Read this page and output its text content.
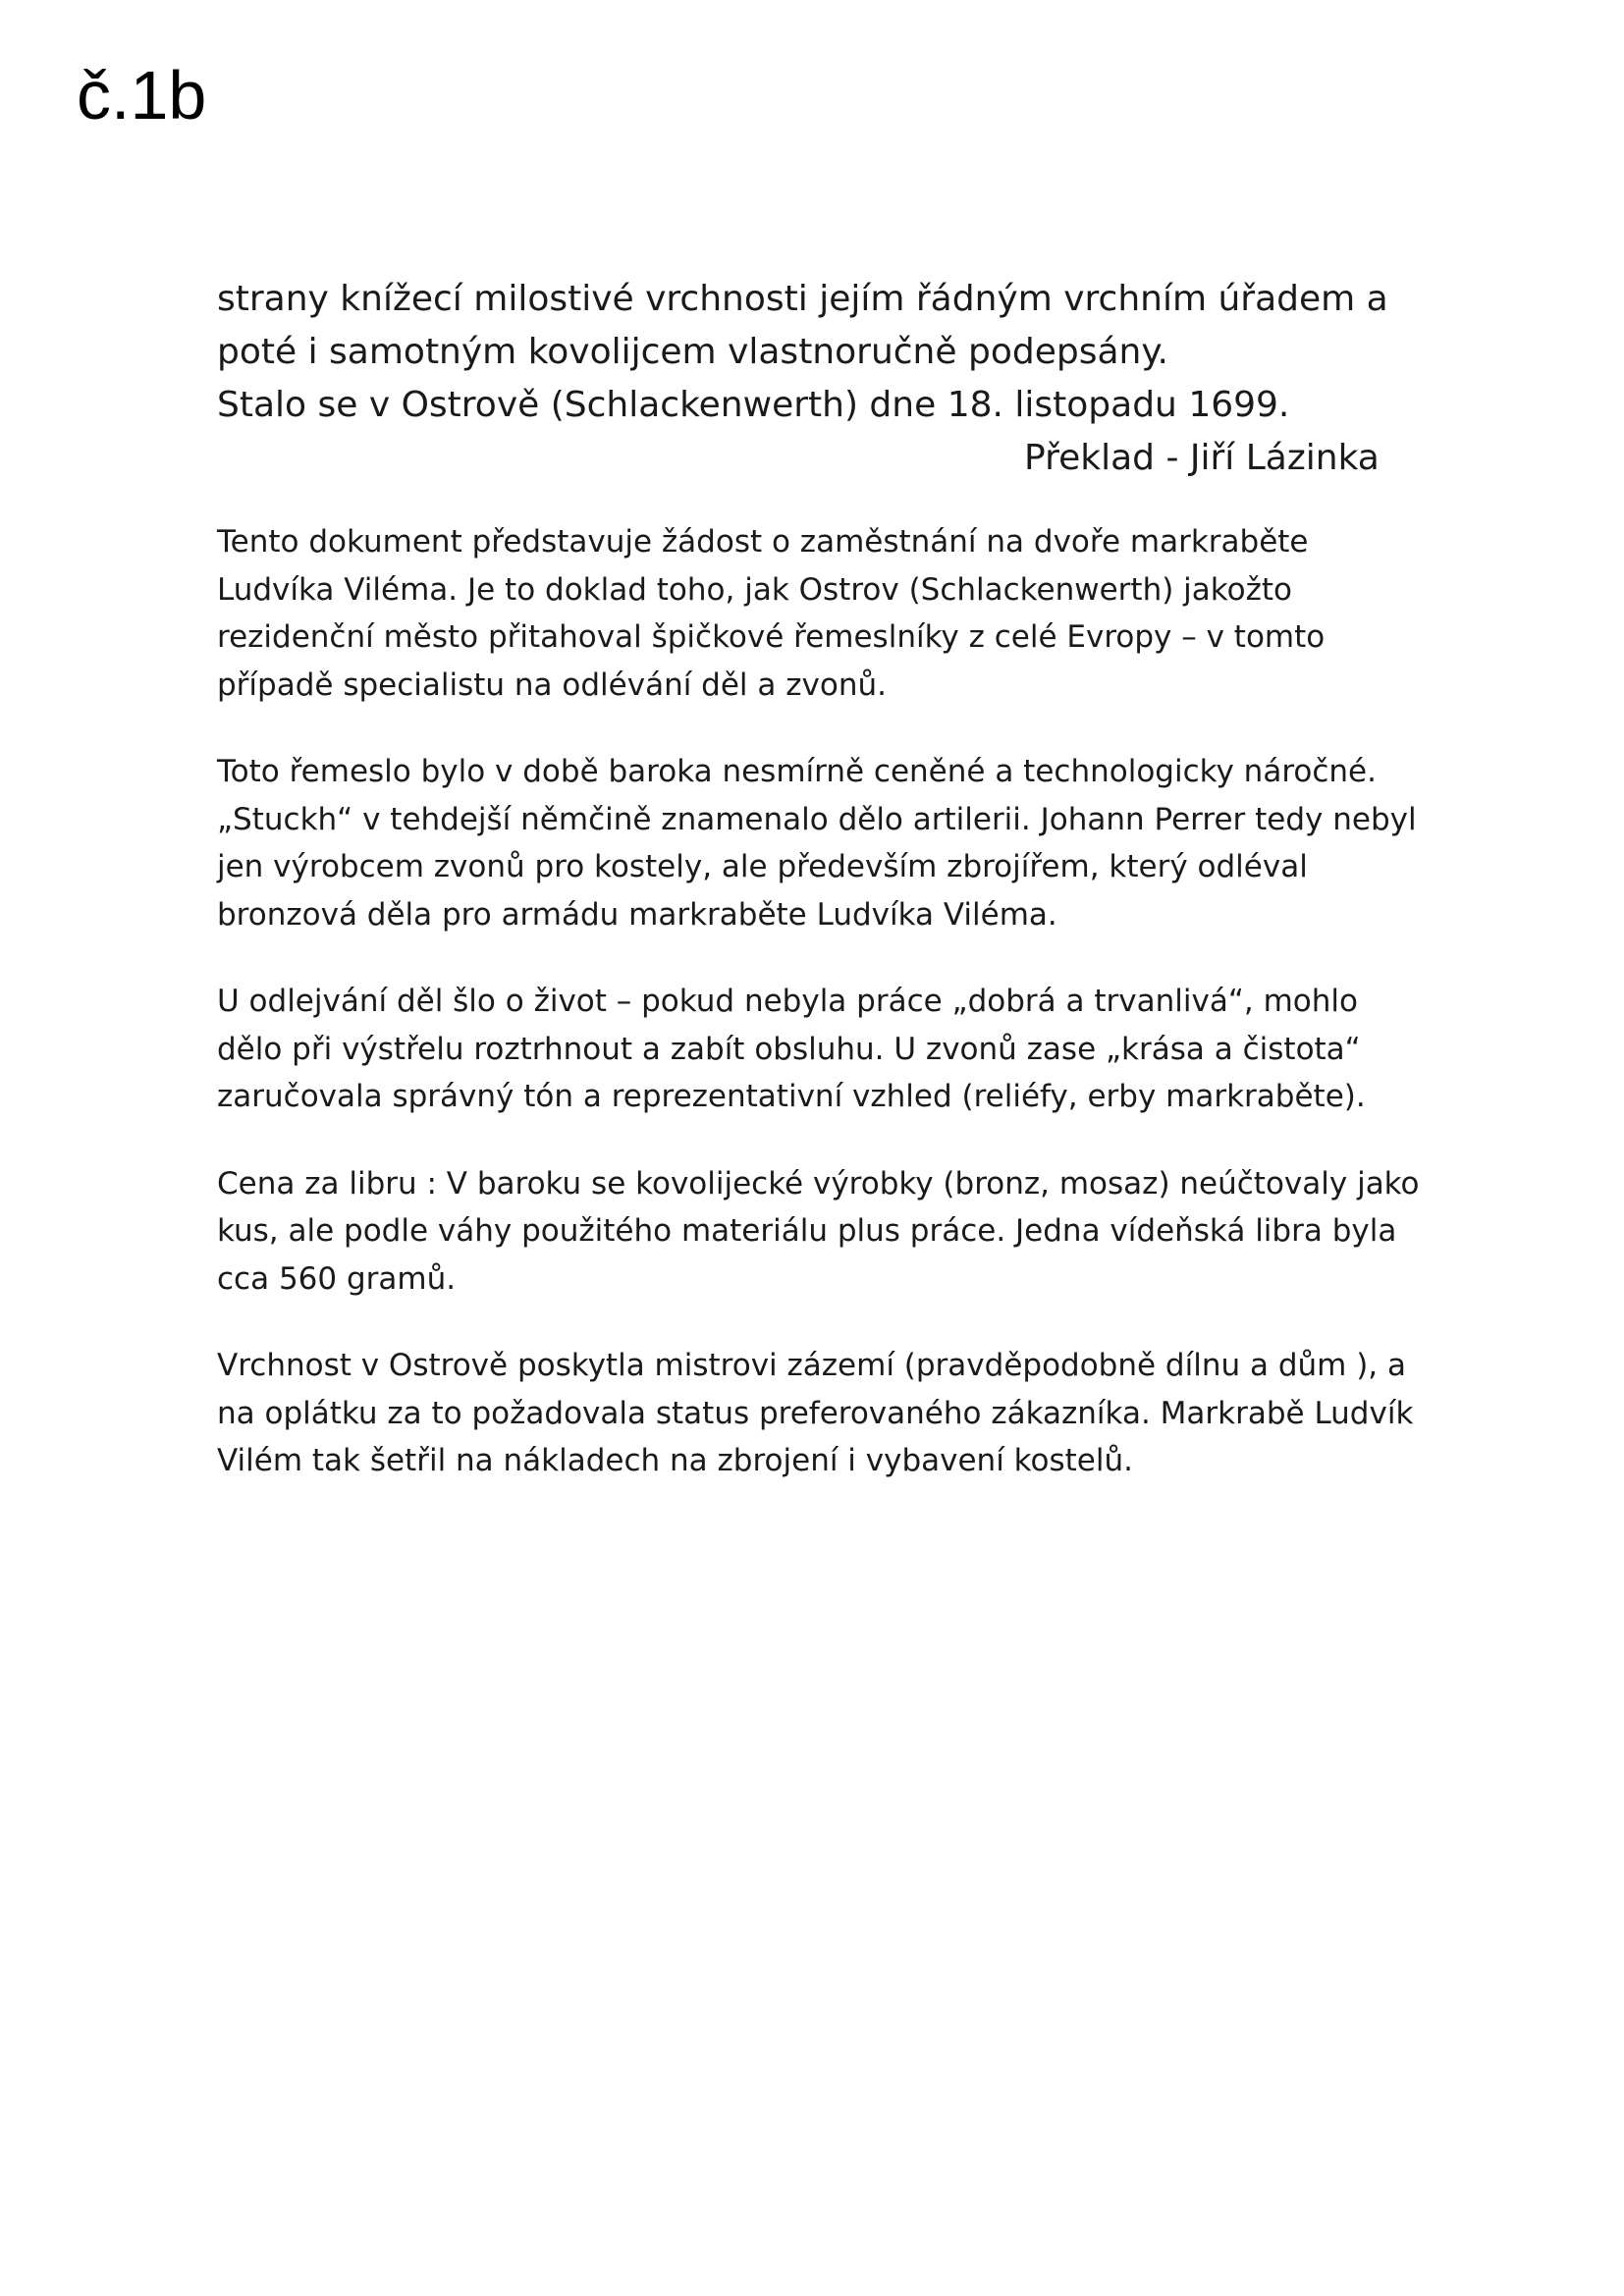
č.1b
strany knížecí milostivé vrchnosti jejím řádným vrchním úřadem a
poté i samotným kovolijcem vlastnoručně podepsány.
Stalo se v Ostrově (Schlackenwerth) dne 18. listopadu 1699.
Překlad - Jiří Lázinka

Tento dokument představuje žádost o zaměstnání na dvoře markraběte
Ludvíka Viléma. Je to doklad toho, jak Ostrov (Schlackenwerth) jakožto
rezidenční město přitahoval špičkové řemeslníky z celé Evropy – v tomto
případě specialistu na odlévání děl a zvonů.

Toto řemeslo bylo v době baroka nesmírně ceněné a technologicky náročné.
„Stuckh“ v tehdejší němčině znamenalo dělo artilerii. Johann Perrer tedy nebyl
jen výrobcem zvonů pro kostely, ale především zbrojířem, který odléval
bronzová děla pro armádu markraběte Ludvíka Viléma.

U odlejvání děl šlo o život – pokud nebyla práce „dobrá a trvanlivá“, mohlo
dělo při výstřelu roztrhnout a zabít obsluhu. U zvonů zase „krása a čistota“
zaručovala správný tón a reprezentativní vzhled (reliéfy, erby markraběte).

Cena za libru : V baroku se kovolijecké výrobky (bronz, mosaz) neúčtovaly jako
kus, ale podle váhy použitého materiálu plus práce. Jedna vídeňská libra byla
cca 560 gramů.

Vrchnost v Ostrově poskytla mistrovi zázemí (pravděpodobně dílnu a dům ), a
na oplátku za to požadovala status preferovaného zákazníka. Markrabě Ludvík
Vilém tak šetřil na nákladech na zbrojení i vybavení kostelů.
